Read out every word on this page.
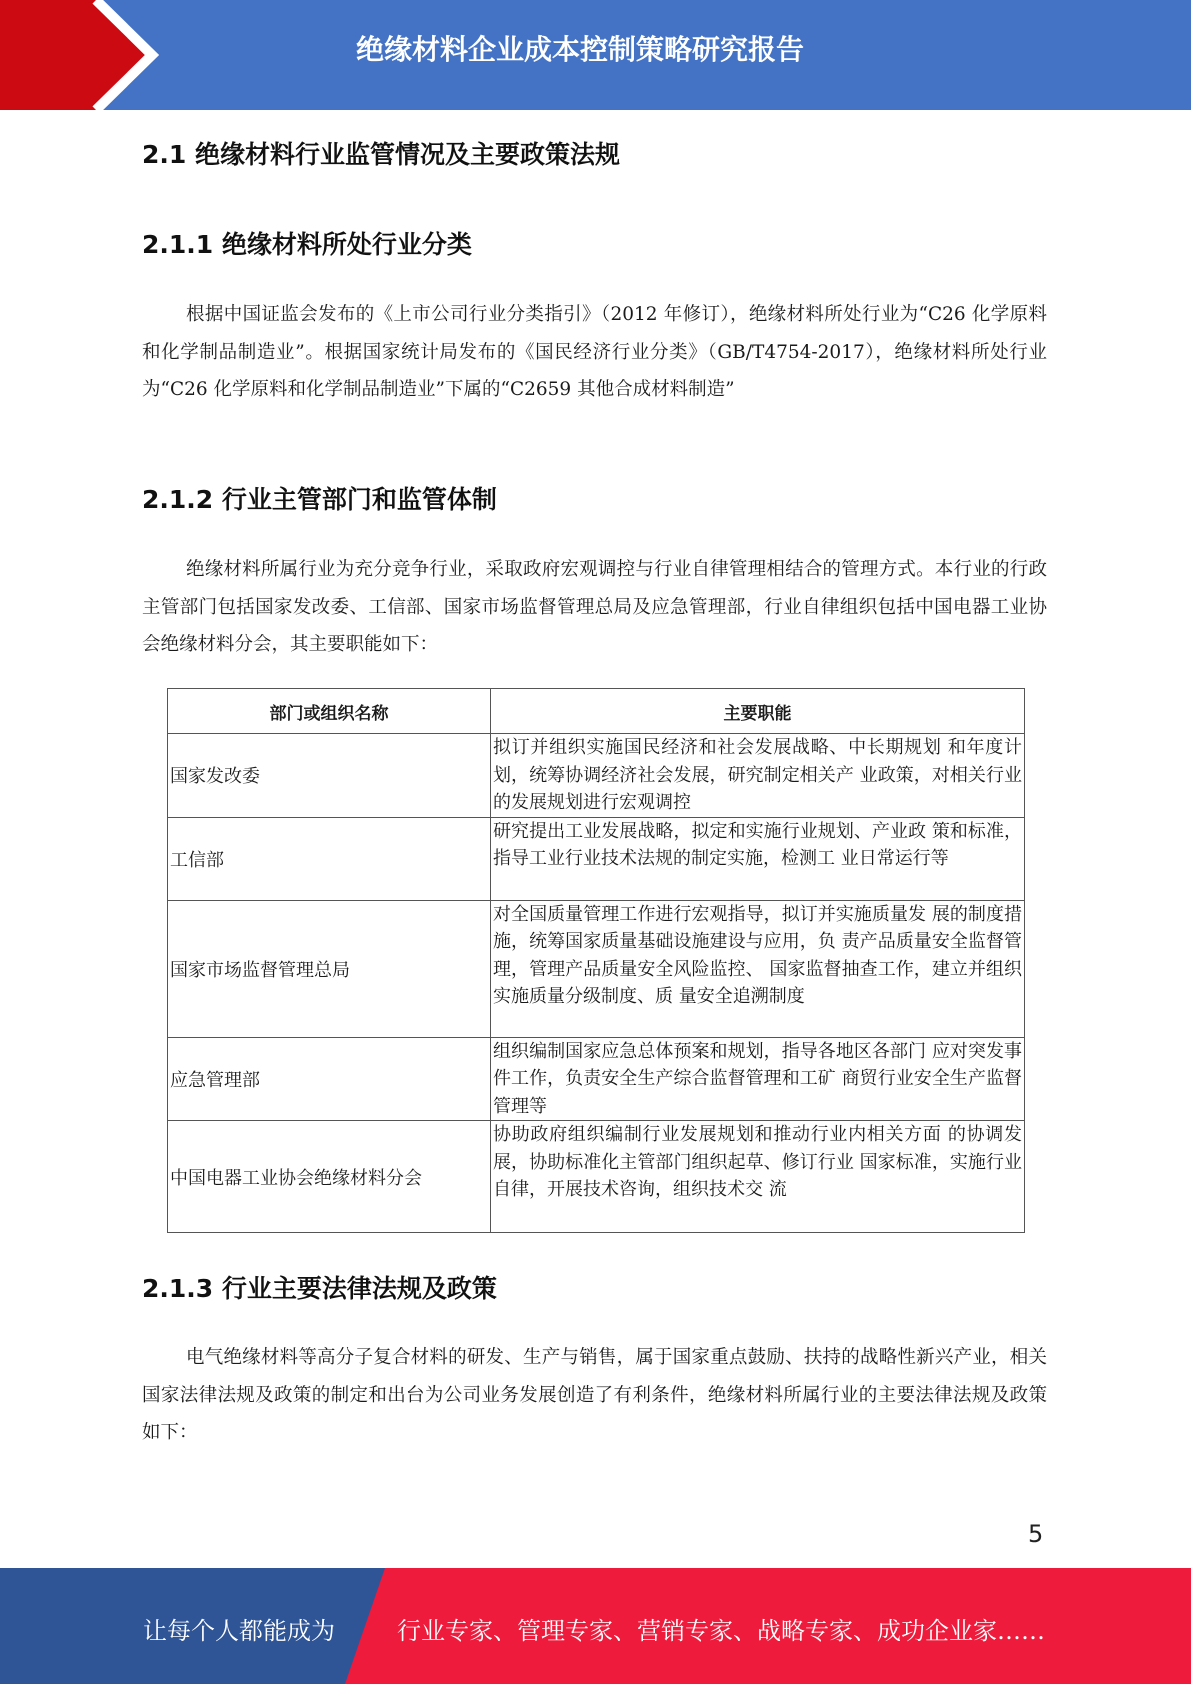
绝缘材料企业成本控制策略研究报告
2.1 绝缘材料行业监管情况及主要政策法规
2.1.1 绝缘材料所处行业分类
根据中国证监会发布的《上市公司行业分类指引》（2012 年修订），绝缘材料所处行业为“C26 化学原料和化学制品制造业”。根据国家统计局发布的《国民经济行业分类》（GB/T4754-2017），绝缘材料所处行业为“C26 化学原料和化学制品制造业”下属的“C2659 其他合成材料制造”
2.1.2 行业主管部门和监管体制
绝缘材料所属行业为充分竞争行业，采取政府宏观调控与行业自律管理相结合的管理方式。本行业的行政主管部门包括国家发改委、工信部、国家市场监督管理总局及应急管理部，行业自律组织包括中国电器工业协会绝缘材料分会，其主要职能如下：
部门或组织名称	主要职能
国家发改委	拟订并组织实施国民经济和社会发展战略、中长期规划 和年度计划，统筹协调经济社会发展，研究制定相关产 业政策，对相关行业的发展规划进行宏观调控
工信部	研究提出工业发展战略，拟定和实施行业规划、产业政 策和标准，指导工业行业技术法规的制定实施，检测工 业日常运行等
国家市场监督管理总局	对全国质量管理工作进行宏观指导，拟订并实施质量发 展的制度措施，统筹国家质量基础设施建设与应用，负 责产品质量安全监督管理，管理产品质量安全风险监控、 国家监督抽查工作，建立并组织实施质量分级制度、质 量安全追溯制度
应急管理部	组织编制国家应急总体预案和规划，指导各地区各部门 应对突发事件工作，负责安全生产综合监督管理和工矿 商贸行业安全生产监督管理等
中国电器工业协会绝缘材料分会	协助政府组织编制行业发展规划和推动行业内相关方面 的协调发展，协助标准化主管部门组织起草、修订行业 国家标准，实施行业自律，开展技术咨询，组织技术交 流
2.1.3 行业主要法律法规及政策
电气绝缘材料等高分子复合材料的研发、生产与销售，属于国家重点鼓励、扶持的战略性新兴产业，相关国家法律法规及政策的制定和出台为公司业务发展创造了有利条件，绝缘材料所属行业的主要法律法规及政策如下：
5
让每个人都能成为	行业专家、管理专家、营销专家、战略专家、成功企业家……
